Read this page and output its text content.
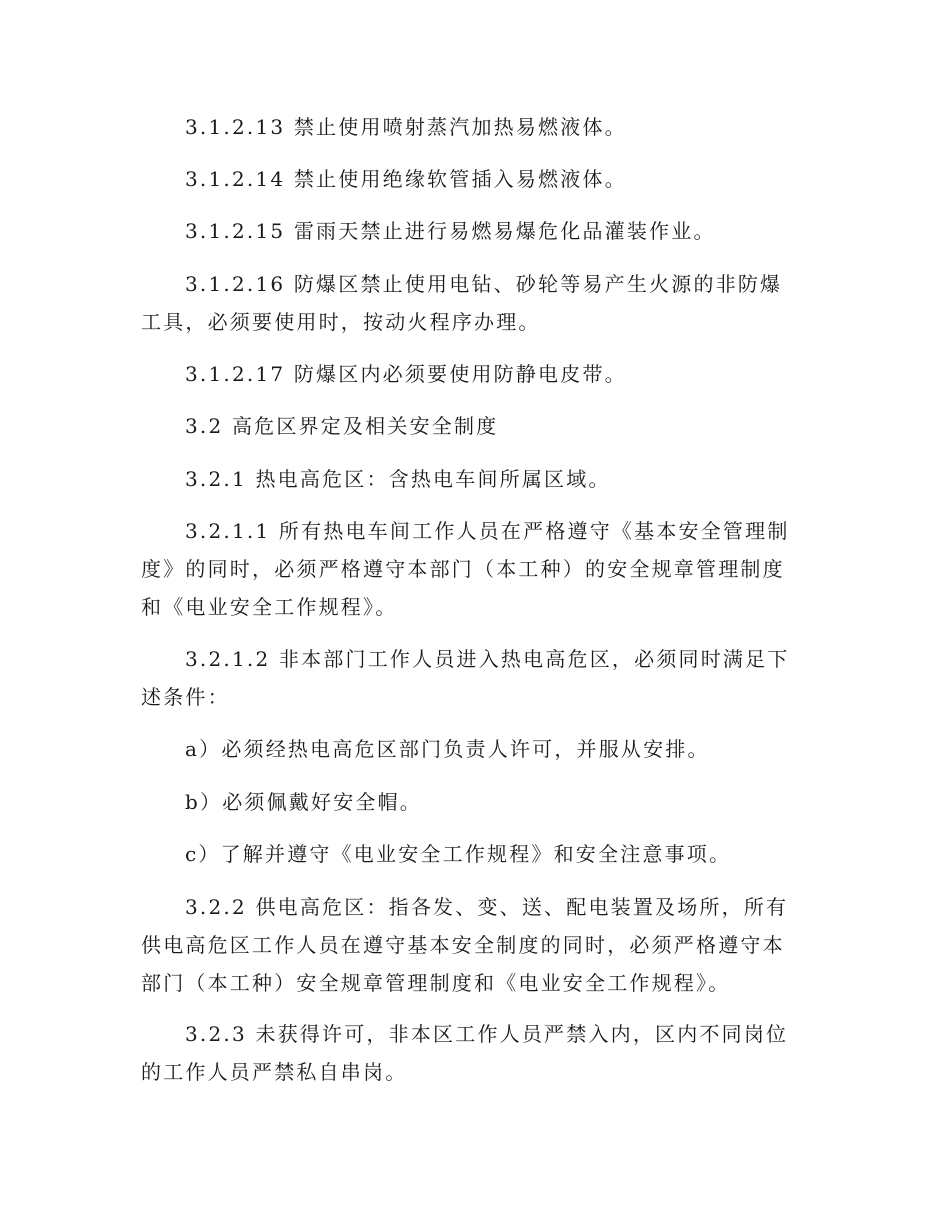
3.1.2.13 禁止使用喷射蒸汽加热易燃液体。

3.1.2.14 禁止使用绝缘软管插入易燃液体。

3.1.2.15 雷雨天禁止进行易燃易爆危化品灌装作业。

3.1.2.16 防爆区禁止使用电钻、砂轮等易产生火源的非防爆工具，必须要使用时，按动火程序办理。

3.1.2.17 防爆区内必须要使用防静电皮带。

3.2 高危区界定及相关安全制度

3.2.1 热电高危区：含热电车间所属区域。

3.2.1.1 所有热电车间工作人员在严格遵守《基本安全管理制度》的同时，必须严格遵守本部门（本工种）的安全规章管理制度和《电业安全工作规程》。

3.2.1.2 非本部门工作人员进入热电高危区，必须同时满足下述条件：

a）必须经热电高危区部门负责人许可，并服从安排。

b）必须佩戴好安全帽。

c）了解并遵守《电业安全工作规程》和安全注意事项。

3.2.2 供电高危区：指各发、变、送、配电装置及场所，所有供电高危区工作人员在遵守基本安全制度的同时，必须严格遵守本部门（本工种）安全规章管理制度和《电业安全工作规程》。

3.2.3 未获得许可，非本区工作人员严禁入内，区内不同岗位的工作人员严禁私自串岗。
